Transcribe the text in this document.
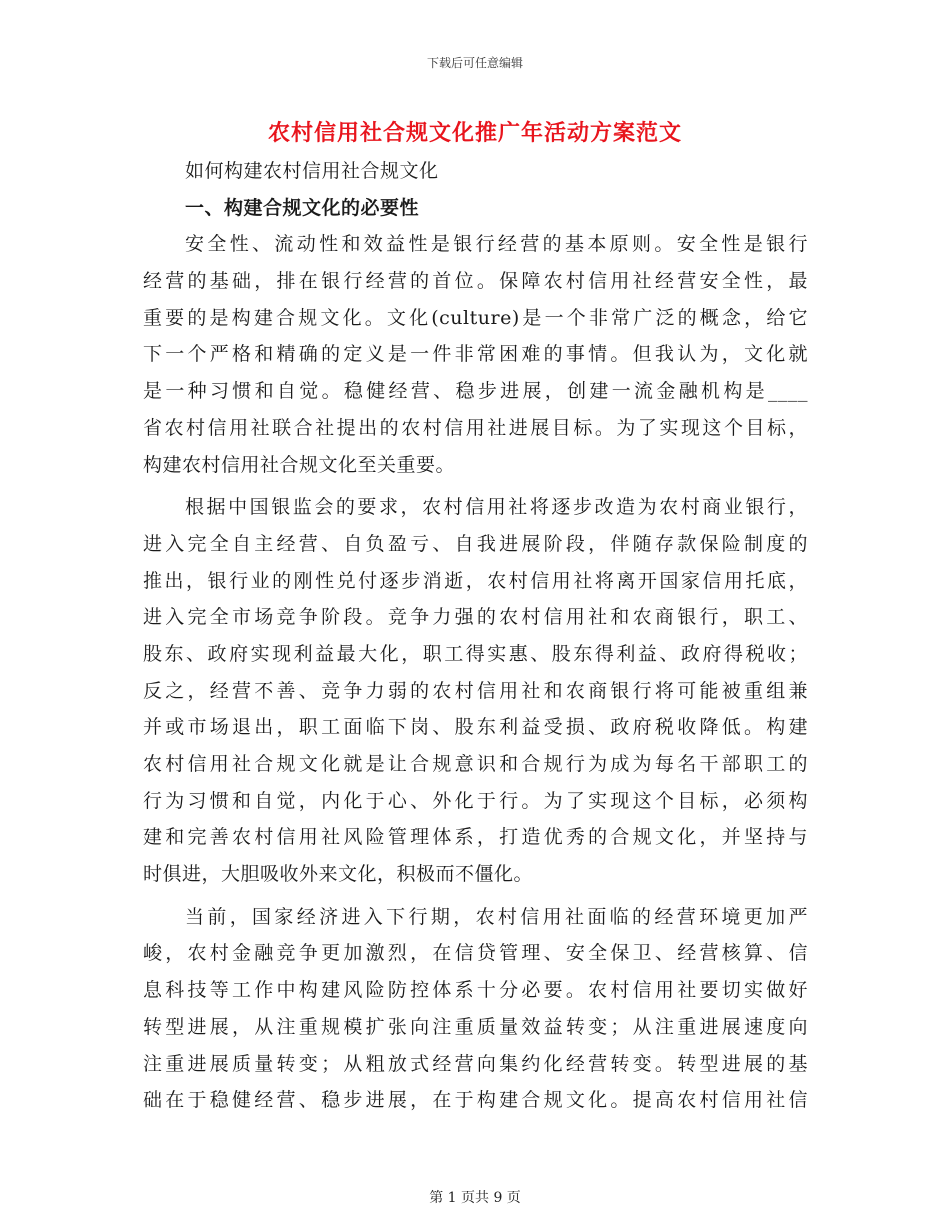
下载后可任意编辑
农村信用社合规文化推广年活动方案范文
如何构建农村信用社合规文化
一、构建合规文化的必要性
安全性、流动性和效益性是银行经营的基本原则。安全性是银行
经营的基础，排在银行经营的首位。保障农村信用社经营安全性，最
重要的是构建合规文化。文化(culture)是一个非常广泛的概念，给它
下一个严格和精确的定义是一件非常困难的事情。但我认为，文化就
是一种习惯和自觉。稳健经营、稳步进展，创建一流金融机构是____
省农村信用社联合社提出的农村信用社进展目标。为了实现这个目标，
构建农村信用社合规文化至关重要。
根据中国银监会的要求，农村信用社将逐步改造为农村商业银行，
进入完全自主经营、自负盈亏、自我进展阶段，伴随存款保险制度的
推出，银行业的刚性兑付逐步消逝，农村信用社将离开国家信用托底，
进入完全市场竞争阶段。竞争力强的农村信用社和农商银行，职工、
股东、政府实现利益最大化，职工得实惠、股东得利益、政府得税收；
反之，经营不善、竞争力弱的农村信用社和农商银行将可能被重组兼
并或市场退出，职工面临下岗、股东利益受损、政府税收降低。构建
农村信用社合规文化就是让合规意识和合规行为成为每名干部职工的
行为习惯和自觉，内化于心、外化于行。为了实现这个目标，必须构
建和完善农村信用社风险管理体系，打造优秀的合规文化，并坚持与
时俱进，大胆吸收外来文化，积极而不僵化。
当前，国家经济进入下行期，农村信用社面临的经营环境更加严
峻，农村金融竞争更加激烈，在信贷管理、安全保卫、经营核算、信
息科技等工作中构建风险防控体系十分必要。农村信用社要切实做好
转型进展，从注重规模扩张向注重质量效益转变；从注重进展速度向
注重进展质量转变；从粗放式经营向集约化经营转变。转型进展的基
础在于稳健经营、稳步进展，在于构建合规文化。提高农村信用社信
第 1 页共 9 页
